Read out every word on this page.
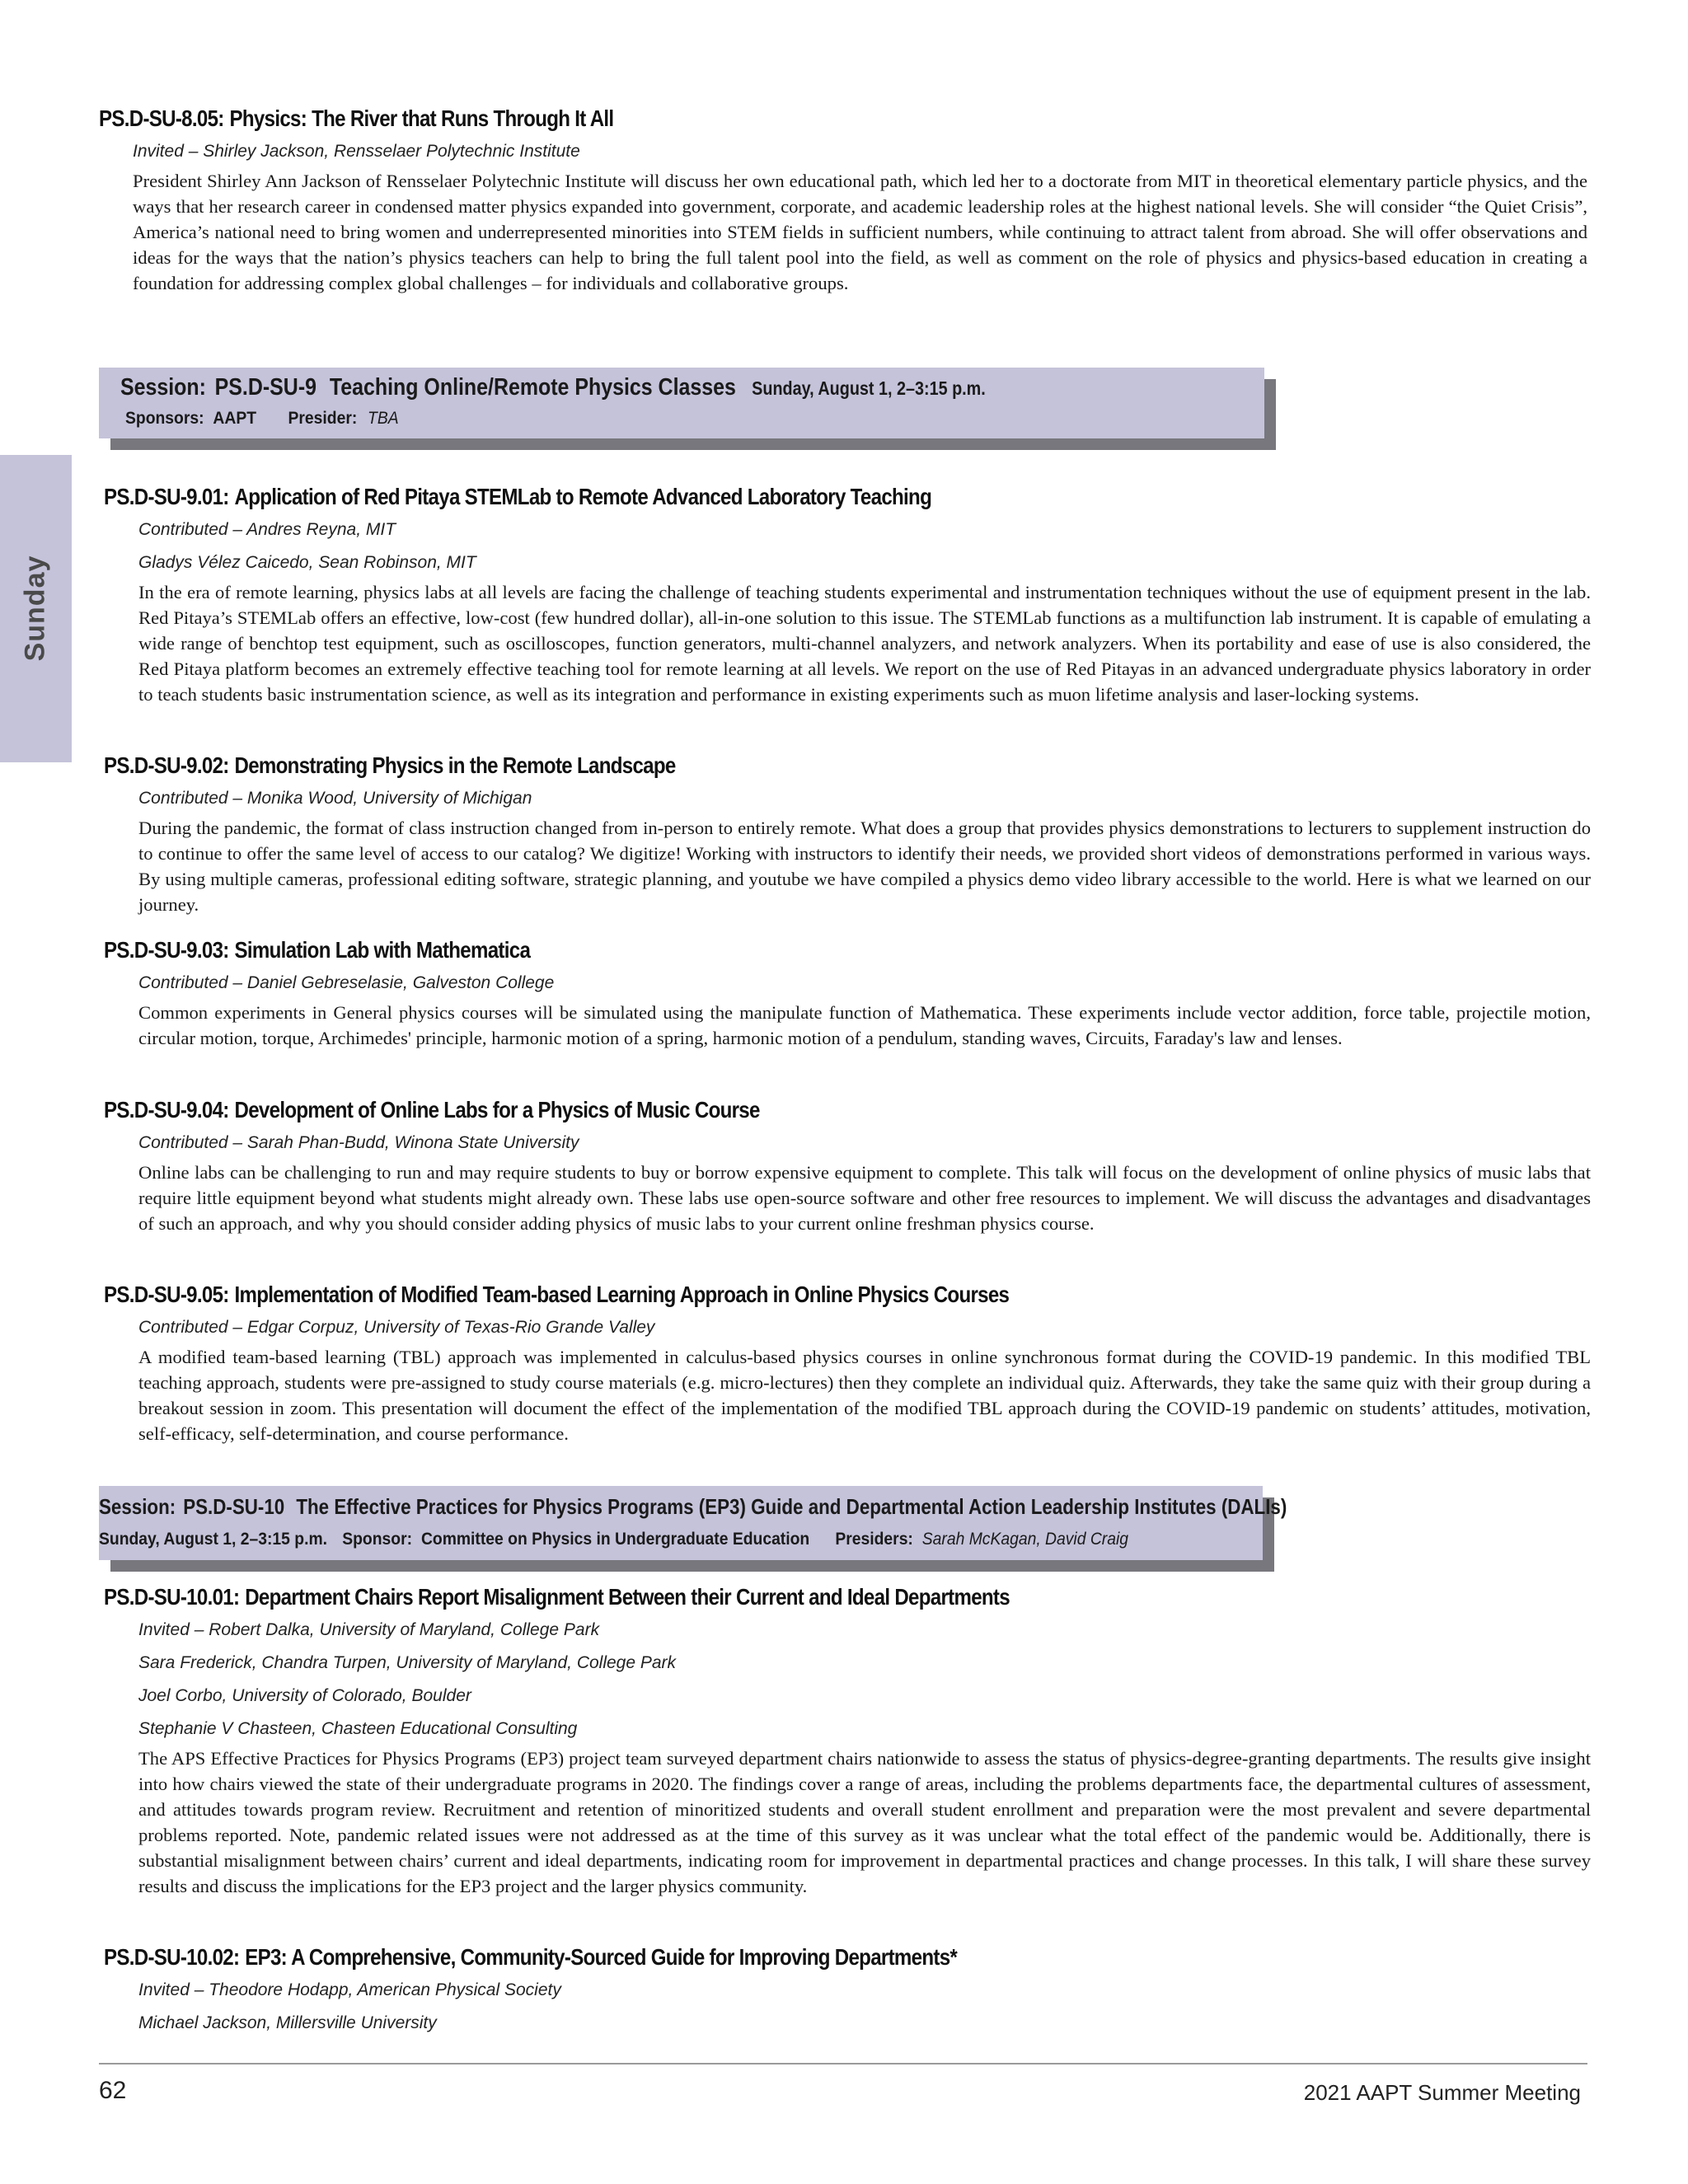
Sunday
PS.D-SU-8.05: Physics: The River that Runs Through It All
Invited – Shirley Jackson, Rensselaer Polytechnic Institute
President Shirley Ann Jackson of Rensselaer Polytechnic Institute will discuss her own educational path, which led her to a doctorate from MIT in theoretical elementary particle physics, and the ways that her research career in condensed matter physics expanded into government, corporate, and academic leadership roles at the highest national levels. She will consider “the Quiet Crisis”, America’s national need to bring women and underrepresented minorities into STEM fields in sufficient numbers, while continuing to attract talent from abroad. She will offer observations and ideas for the ways that the nation’s physics teachers can help to bring the full talent pool into the field, as well as comment on the role of physics and physics-based education in creating a foundation for addressing complex global challenges – for individuals and collaborative groups.
Session: PS.D-SU-9 Teaching Online/Remote Physics Classes Sunday, August 1, 2–3:15 p.m.
Sponsors: AAPT Presider: TBA
PS.D-SU-9.01: Application of Red Pitaya STEMLab to Remote Advanced Laboratory Teaching
Contributed – Andres Reyna, MIT
Gladys Vélez Caicedo, Sean Robinson, MIT
In the era of remote learning, physics labs at all levels are facing the challenge of teaching students experimental and instrumentation techniques without the use of equipment present in the lab. Red Pitaya’s STEMLab offers an effective, low-cost (few hundred dollar), all-in-one solution to this issue. The STEMLab functions as a multifunction lab instrument. It is capable of emulating a wide range of benchtop test equipment, such as oscilloscopes, function generators, multi-channel analyzers, and network analyzers. When its portability and ease of use is also considered, the Red Pitaya platform becomes an extremely effective teaching tool for remote learning at all levels. We report on the use of Red Pitayas in an advanced undergraduate physics laboratory in order to teach students basic instrumentation science, as well as its integration and performance in existing experiments such as muon lifetime analysis and laser-locking systems.
PS.D-SU-9.02: Demonstrating Physics in the Remote Landscape
Contributed – Monika Wood, University of Michigan
During the pandemic, the format of class instruction changed from in-person to entirely remote. What does a group that provides physics demonstrations to lecturers to supplement instruction do to continue to offer the same level of access to our catalog? We digitize! Working with instructors to identify their needs, we provided short videos of demonstrations performed in various ways. By using multiple cameras, professional editing software, strategic planning, and youtube we have compiled a physics demo video library accessible to the world. Here is what we learned on our journey.
PS.D-SU-9.03: Simulation Lab with Mathematica
Contributed – Daniel Gebreselasie, Galveston College
Common experiments in General physics courses will be simulated using the manipulate function of Mathematica. These experiments include vector addition, force table, projectile motion, circular motion, torque, Archimedes' principle, harmonic motion of a spring, harmonic motion of a pendulum, standing waves, Circuits, Faraday's law and lenses.
PS.D-SU-9.04: Development of Online Labs for a Physics of Music Course
Contributed – Sarah Phan-Budd, Winona State University
Online labs can be challenging to run and may require students to buy or borrow expensive equipment to complete. This talk will focus on the development of online physics of music labs that require little equipment beyond what students might already own. These labs use open-source software and other free resources to implement. We will discuss the advantages and disadvantages of such an approach, and why you should consider adding physics of music labs to your current online freshman physics course.
PS.D-SU-9.05: Implementation of Modified Team-based Learning Approach in Online Physics Courses
Contributed – Edgar Corpuz, University of Texas-Rio Grande Valley
A modified team-based learning (TBL) approach was implemented in calculus-based physics courses in online synchronous format during the COVID-19 pandemic. In this modified TBL teaching approach, students were pre-assigned to study course materials (e.g. micro-lectures) then they complete an individual quiz. Afterwards, they take the same quiz with their group during a breakout session in zoom. This presentation will document the effect of the implementation of the modified TBL approach during the COVID-19 pandemic on students’ attitudes, motivation, self-efficacy, self-determination, and course performance.
Session: PS.D-SU-10 The Effective Practices for Physics Programs (EP3) Guide and Departmental Action Leadership Institutes (DALIs)
Sunday, August 1, 2–3:15 p.m. Sponsor: Committee on Physics in Undergraduate Education Presiders: Sarah McKagan, David Craig
PS.D-SU-10.01: Department Chairs Report Misalignment Between their Current and Ideal Departments
Invited – Robert Dalka, University of Maryland, College Park
Sara Frederick, Chandra Turpen, University of Maryland, College Park
Joel Corbo, University of Colorado, Boulder
Stephanie V Chasteen, Chasteen Educational Consulting
The APS Effective Practices for Physics Programs (EP3) project team surveyed department chairs nationwide to assess the status of physics-degree-granting departments. The results give insight into how chairs viewed the state of their undergraduate programs in 2020. The findings cover a range of areas, including the problems departments face, the departmental cultures of assessment, and attitudes towards program review. Recruitment and retention of minoritized students and overall student enrollment and preparation were the most prevalent and severe departmental problems reported. Note, pandemic related issues were not addressed as at the time of this survey as it was unclear what the total effect of the pandemic would be. Additionally, there is substantial misalignment between chairs’ current and ideal departments, indicating room for improvement in departmental practices and change processes. In this talk, I will share these survey results and discuss the implications for the EP3 project and the larger physics community.
PS.D-SU-10.02: EP3: A Comprehensive, Community-Sourced Guide for Improving Departments*
Invited – Theodore Hodapp, American Physical Society
Michael Jackson, Millersville University
62	2021 AAPT Summer Meeting
